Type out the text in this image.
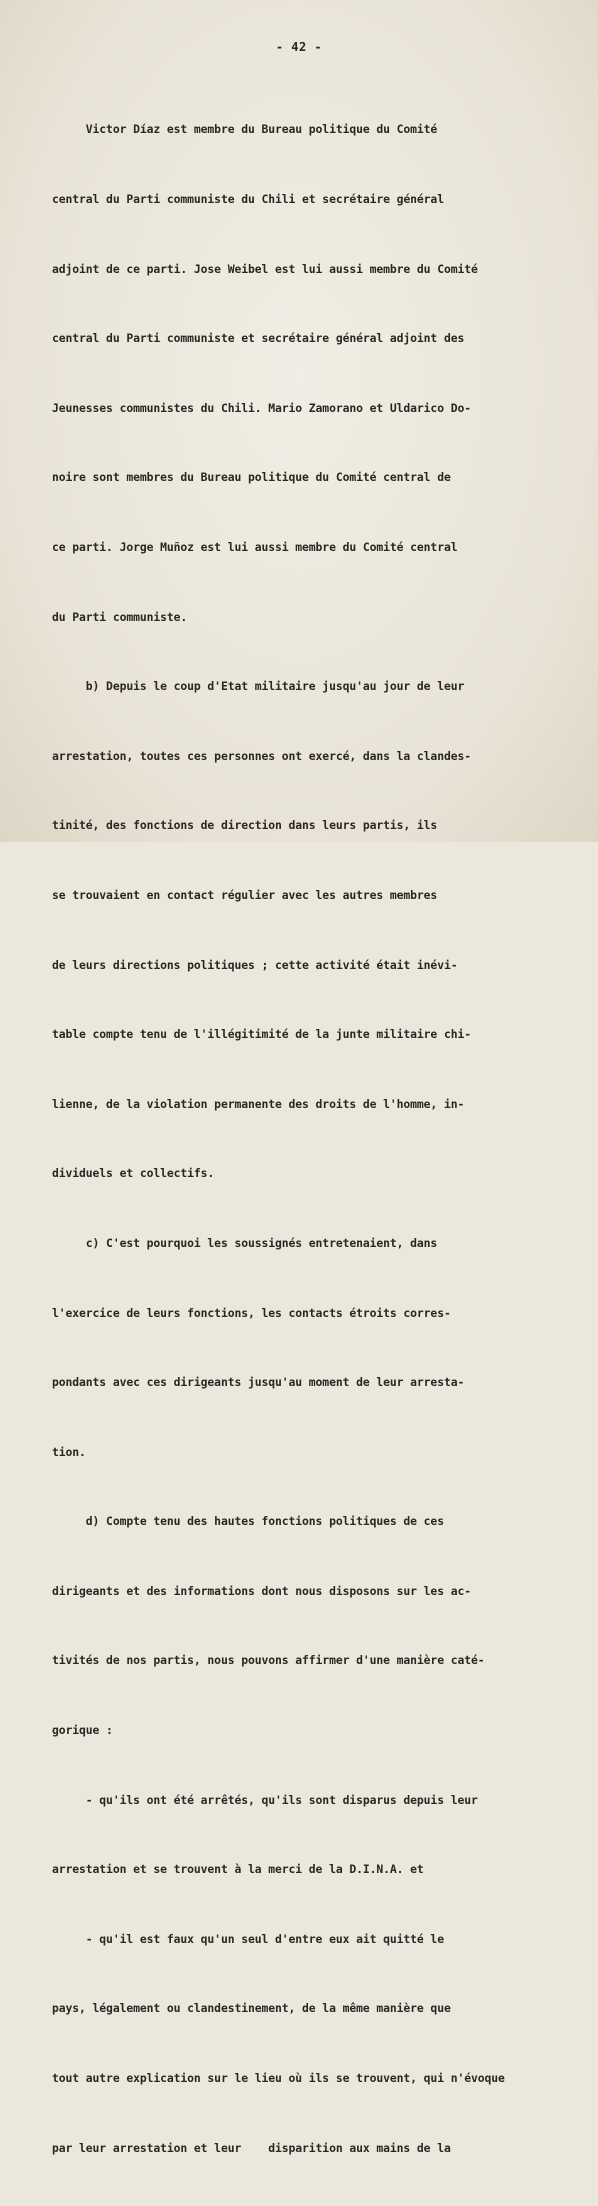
- 42 -

Victor Díaz est membre du Bureau politique du Comité

central du Parti communiste du Chili et secrétaire général

adjoint de ce parti. Jose Weibel est lui aussi membre du Comité

central du Parti communiste et secrétaire général adjoint des

Jeunesses communistes du Chili. Mario Zamorano et Uldarico Do-

noire sont membres du Bureau politique du Comité central de

ce parti. Jorge Muñoz est lui aussi membre du Comité central

du Parti communiste.

b) Depuis le coup d'Etat militaire jusqu'au jour de leur

arrestation, toutes ces personnes ont exercé, dans la clandes-

tinité, des fonctions de direction dans leurs partis, ils

se trouvaient en contact régulier avec les autres membres

de leurs directions politiques ; cette activité était inévi-

table compte tenu de l'illégitimité de la junte militaire chi-

lienne, de la violation permanente des droits de l'homme, in-

dividuels et collectifs.

c) C'est pourquoi les soussignés entretenaient, dans

l'exercice de leurs fonctions, les contacts étroits corres-

pondants avec ces dirigeants jusqu'au moment de leur arresta-

tion.

d) Compte tenu des hautes fonctions politiques de ces

dirigeants et des informations dont nous disposons sur les ac-

tivités de nos partis, nous pouvons affirmer d'une manière caté-

gorique :

- qu'ils ont été arrêtés, qu'ils sont disparus depuis leur

arrestation et se trouvent à la merci de la D.I.N.A. et

- qu'il est faux qu'un seul d'entre eux ait quitté le

pays, légalement ou clandestinement, de la même manière que

tout autre explication sur le lieu où ils se trouvent, qui n'évoque

par leur arrestation et leur    disparition aux mains de la
